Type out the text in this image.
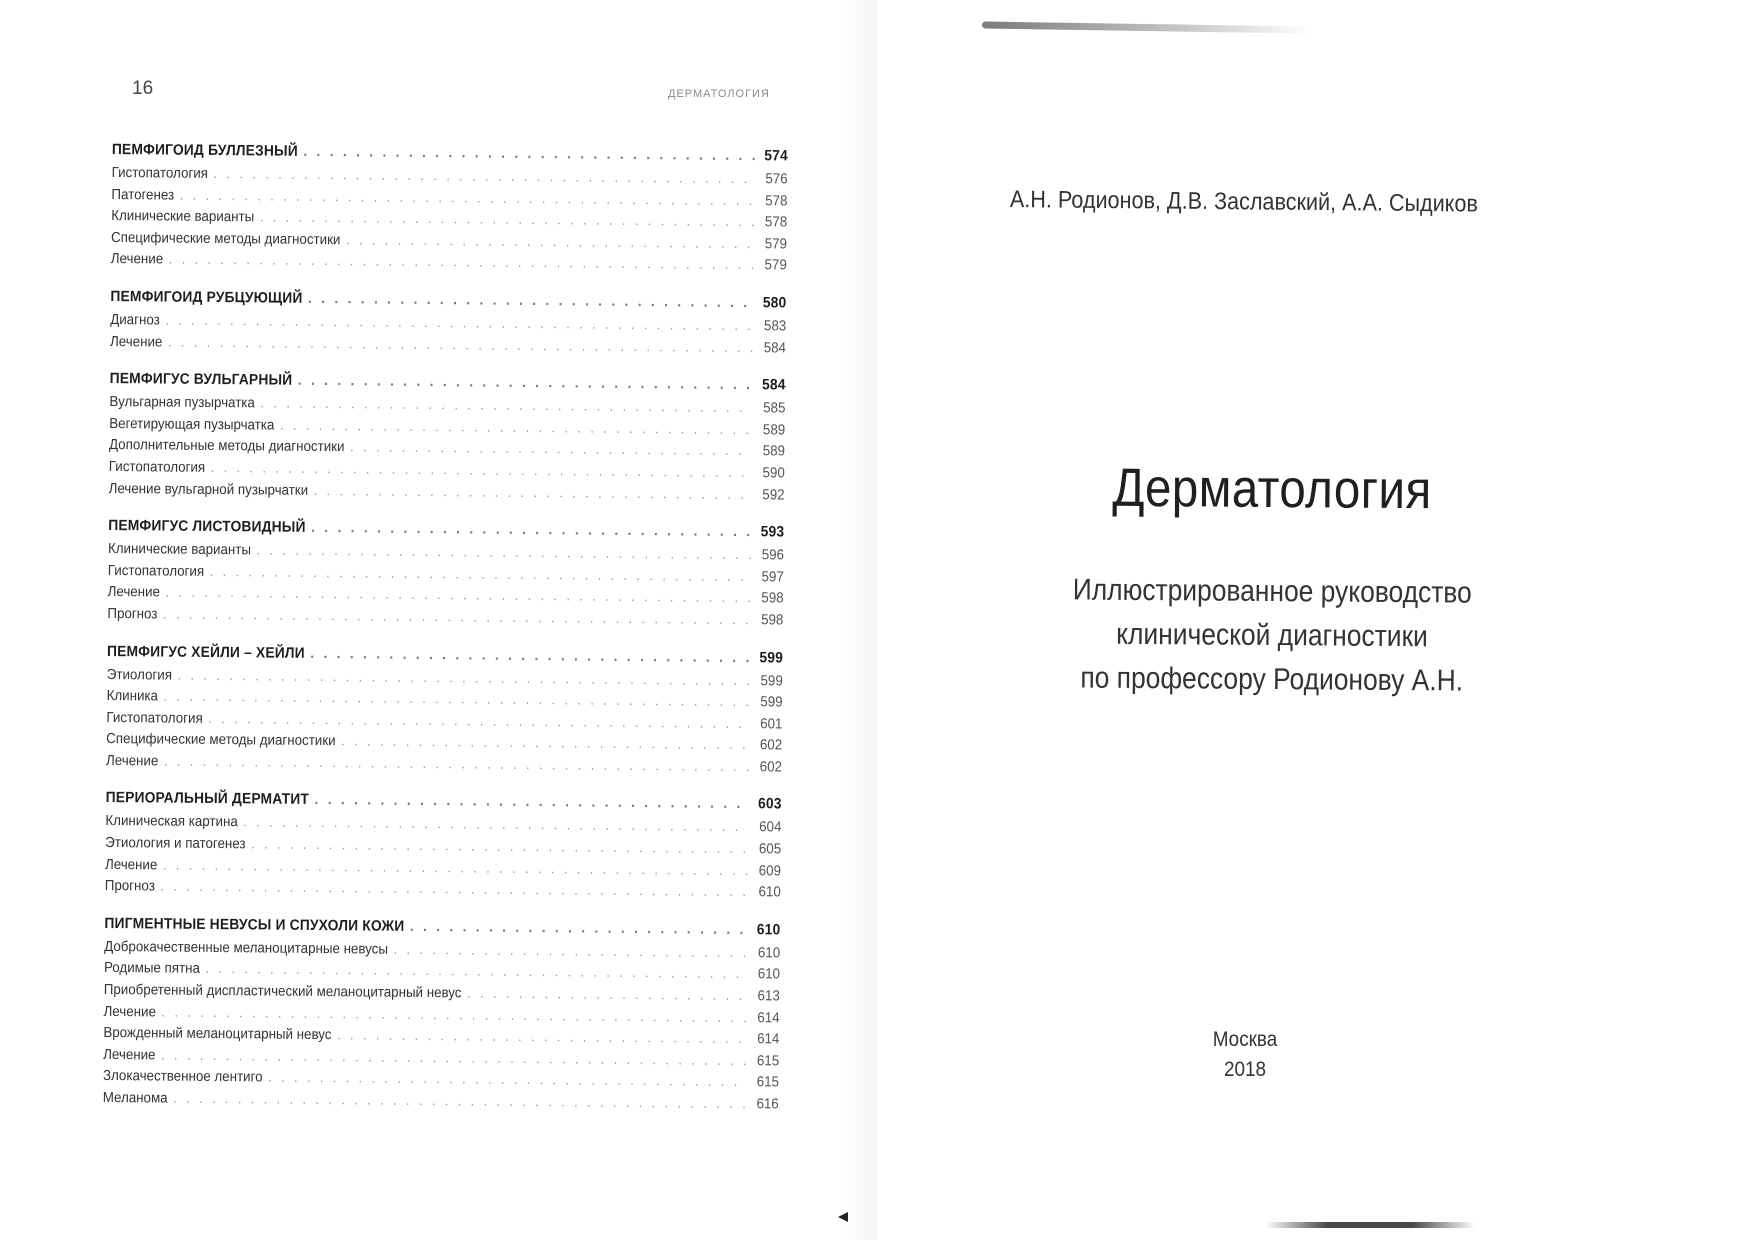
16	ДЕРМАТОЛОГИЯ
ПЕМФИГОИД БУЛЛЕЗНЫЙ . . .	574
Гистопатология . . .	576
Патогенез . . .	578
Клинические варианты . . .	578
Специфические методы диагностики . . .	579
Лечение . . .	579
ПЕМФИГОИД РУБЦУЮЩИЙ . . .	580
Диагноз . . .	583
Лечение . . .	584
ПЕМФИГУС ВУЛЬГАРНЫЙ . . .	584
Вульгарная пузырчатка . . .	585
Вегетирующая пузырчатка . . .	589
Дополнительные методы диагностики . . .	589
Гистопатология . . .	590
Лечение вульгарной пузырчатки . . .	592
ПЕМФИГУС ЛИСТОВИДНЫЙ . . .	593
Клинические варианты . . .	596
Гистопатология . . .	597
Лечение . . .	598
Прогноз . . .	598
ПЕМФИГУС ХЕЙЛИ – ХЕЙЛИ . . .	599
Этиология . . .	599
Клиника . . .	599
Гистопатология . . .	601
Специфические методы диагностики . . .	602
Лечение . . .	602
ПЕРИОРАЛЬНЫЙ ДЕРМАТИТ . . .	603
Клиническая картина . . .	604
Этиология и патогенез . . .	605
Лечение . . .	609
Прогноз . . .	610
ПИГМЕНТНЫЕ НЕВУСЫ И СПУХОЛИ КОЖИ . . .	610
Доброкачественные меланоцитарные невусы . . .	610
Родимые пятна . . .	610
Приобретенный диспластический меланоцитарный невус . . .	613
Лечение . . .	614
Врожденный меланоцитарный невус . . .	614
Лечение . . .	615
Злокачественное лентиго . . .	615
Меланома . . .	616
А.Н. Родионов, Д.В. Заславский, А.А. Сыдиков
Дерматология
Иллюстрированное руководство
клинической диагностики
по профессору Родионову А.Н.
Москва
2018
